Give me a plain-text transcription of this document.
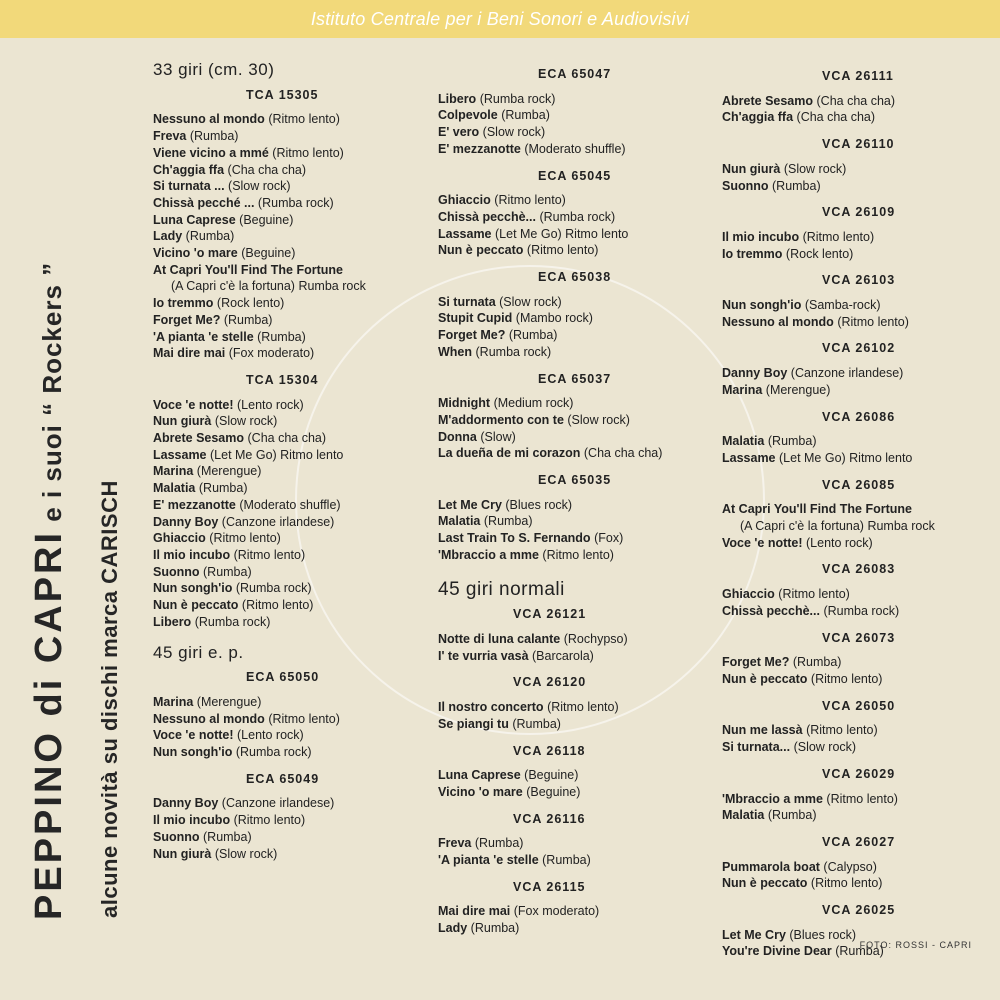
Istituto Centrale per i Beni Sonori e Audiovisivi
PEPPINO di CAPRI e i suoi “ Rockers ”
alcune novità su dischi marca CARISCH
33 giri (cm. 30)
TCA 15305
Nessuno al mondo (Ritmo lento)
Freva (Rumba)
Viene vicino a mmé (Ritmo lento)
Ch'aggia ffa (Cha cha cha)
Si turnata ... (Slow rock)
Chissà pecché ... (Rumba rock)
Luna Caprese (Beguine)
Lady (Rumba)
Vicino 'o mare (Beguine)
At Capri You'll Find The Fortune
(A Capri c'è la fortuna) Rumba rock
Io tremmo (Rock lento)
Forget Me? (Rumba)
'A pianta 'e stelle (Rumba)
Mai dire mai (Fox moderato)
TCA 15304
Voce 'e notte! (Lento rock)
Nun giurà (Slow rock)
Abrete Sesamo (Cha cha cha)
Lassame (Let Me Go) Ritmo lento
Marina (Merengue)
Malatia (Rumba)
E' mezzanotte (Moderato shuffle)
Danny Boy (Canzone irlandese)
Ghiaccio (Ritmo lento)
Il mio incubo (Ritmo lento)
Suonno (Rumba)
Nun songh'io (Rumba rock)
Nun è peccato (Ritmo lento)
Libero (Rumba rock)
45 giri e. p.
ECA 65050
Marina (Merengue)
Nessuno al mondo (Ritmo lento)
Voce 'e notte! (Lento rock)
Nun songh'io (Rumba rock)
ECA 65049
Danny Boy (Canzone irlandese)
Il mio incubo (Ritmo lento)
Suonno (Rumba)
Nun giurà (Slow rock)
ECA 65047
Libero (Rumba rock)
Colpevole (Rumba)
E' vero (Slow rock)
E' mezzanotte (Moderato shuffle)
ECA 65045
Ghiaccio (Ritmo lento)
Chissà pecchè... (Rumba rock)
Lassame (Let Me Go) Ritmo lento
Nun è peccato (Ritmo lento)
ECA 65038
Si turnata (Slow rock)
Stupit Cupid (Mambo rock)
Forget Me? (Rumba)
When (Rumba rock)
ECA 65037
Midnight (Medium rock)
M'addormento con te (Slow rock)
Donna (Slow)
La dueña de mi corazon (Cha cha cha)
ECA 65035
Let Me Cry (Blues rock)
Malatia (Rumba)
Last Train To S. Fernando (Fox)
'Mbraccio a mme (Ritmo lento)
45 giri normali
VCA 26121
Notte di luna calante (Rochypso)
I' te vurria vasà (Barcarola)
VCA 26120
Il nostro concerto (Ritmo lento)
Se piangi tu (Rumba)
VCA 26118
Luna Caprese (Beguine)
Vicino 'o mare (Beguine)
VCA 26116
Freva (Rumba)
'A pianta 'e stelle (Rumba)
VCA 26115
Mai dire mai (Fox moderato)
Lady (Rumba)
VCA 26111
Abrete Sesamo (Cha cha cha)
Ch'aggia ffa (Cha cha cha)
VCA 26110
Nun giurà (Slow rock)
Suonno (Rumba)
VCA 26109
Il mio incubo (Ritmo lento)
Io tremmo (Rock lento)
VCA 26103
Nun songh'io (Samba-rock)
Nessuno al mondo (Ritmo lento)
VCA 26102
Danny Boy (Canzone irlandese)
Marina (Merengue)
VCA 26086
Malatia (Rumba)
Lassame (Let Me Go) Ritmo lento
VCA 26085
At Capri You'll Find The Fortune
(A Capri c'è la fortuna) Rumba rock
Voce 'e notte! (Lento rock)
VCA 26083
Ghiaccio (Ritmo lento)
Chissà pecchè... (Rumba rock)
VCA 26073
Forget Me? (Rumba)
Nun è peccato (Ritmo lento)
VCA 26050
Nun me lassà (Ritmo lento)
Si turnata... (Slow rock)
VCA 26029
'Mbraccio a mme (Ritmo lento)
Malatia (Rumba)
VCA 26027
Pummarola boat (Calypso)
Nun è peccato (Ritmo lento)
VCA 26025
Let Me Cry (Blues rock)
You're Divine Dear (Rumba)
FOTO: ROSSI - CAPRI
